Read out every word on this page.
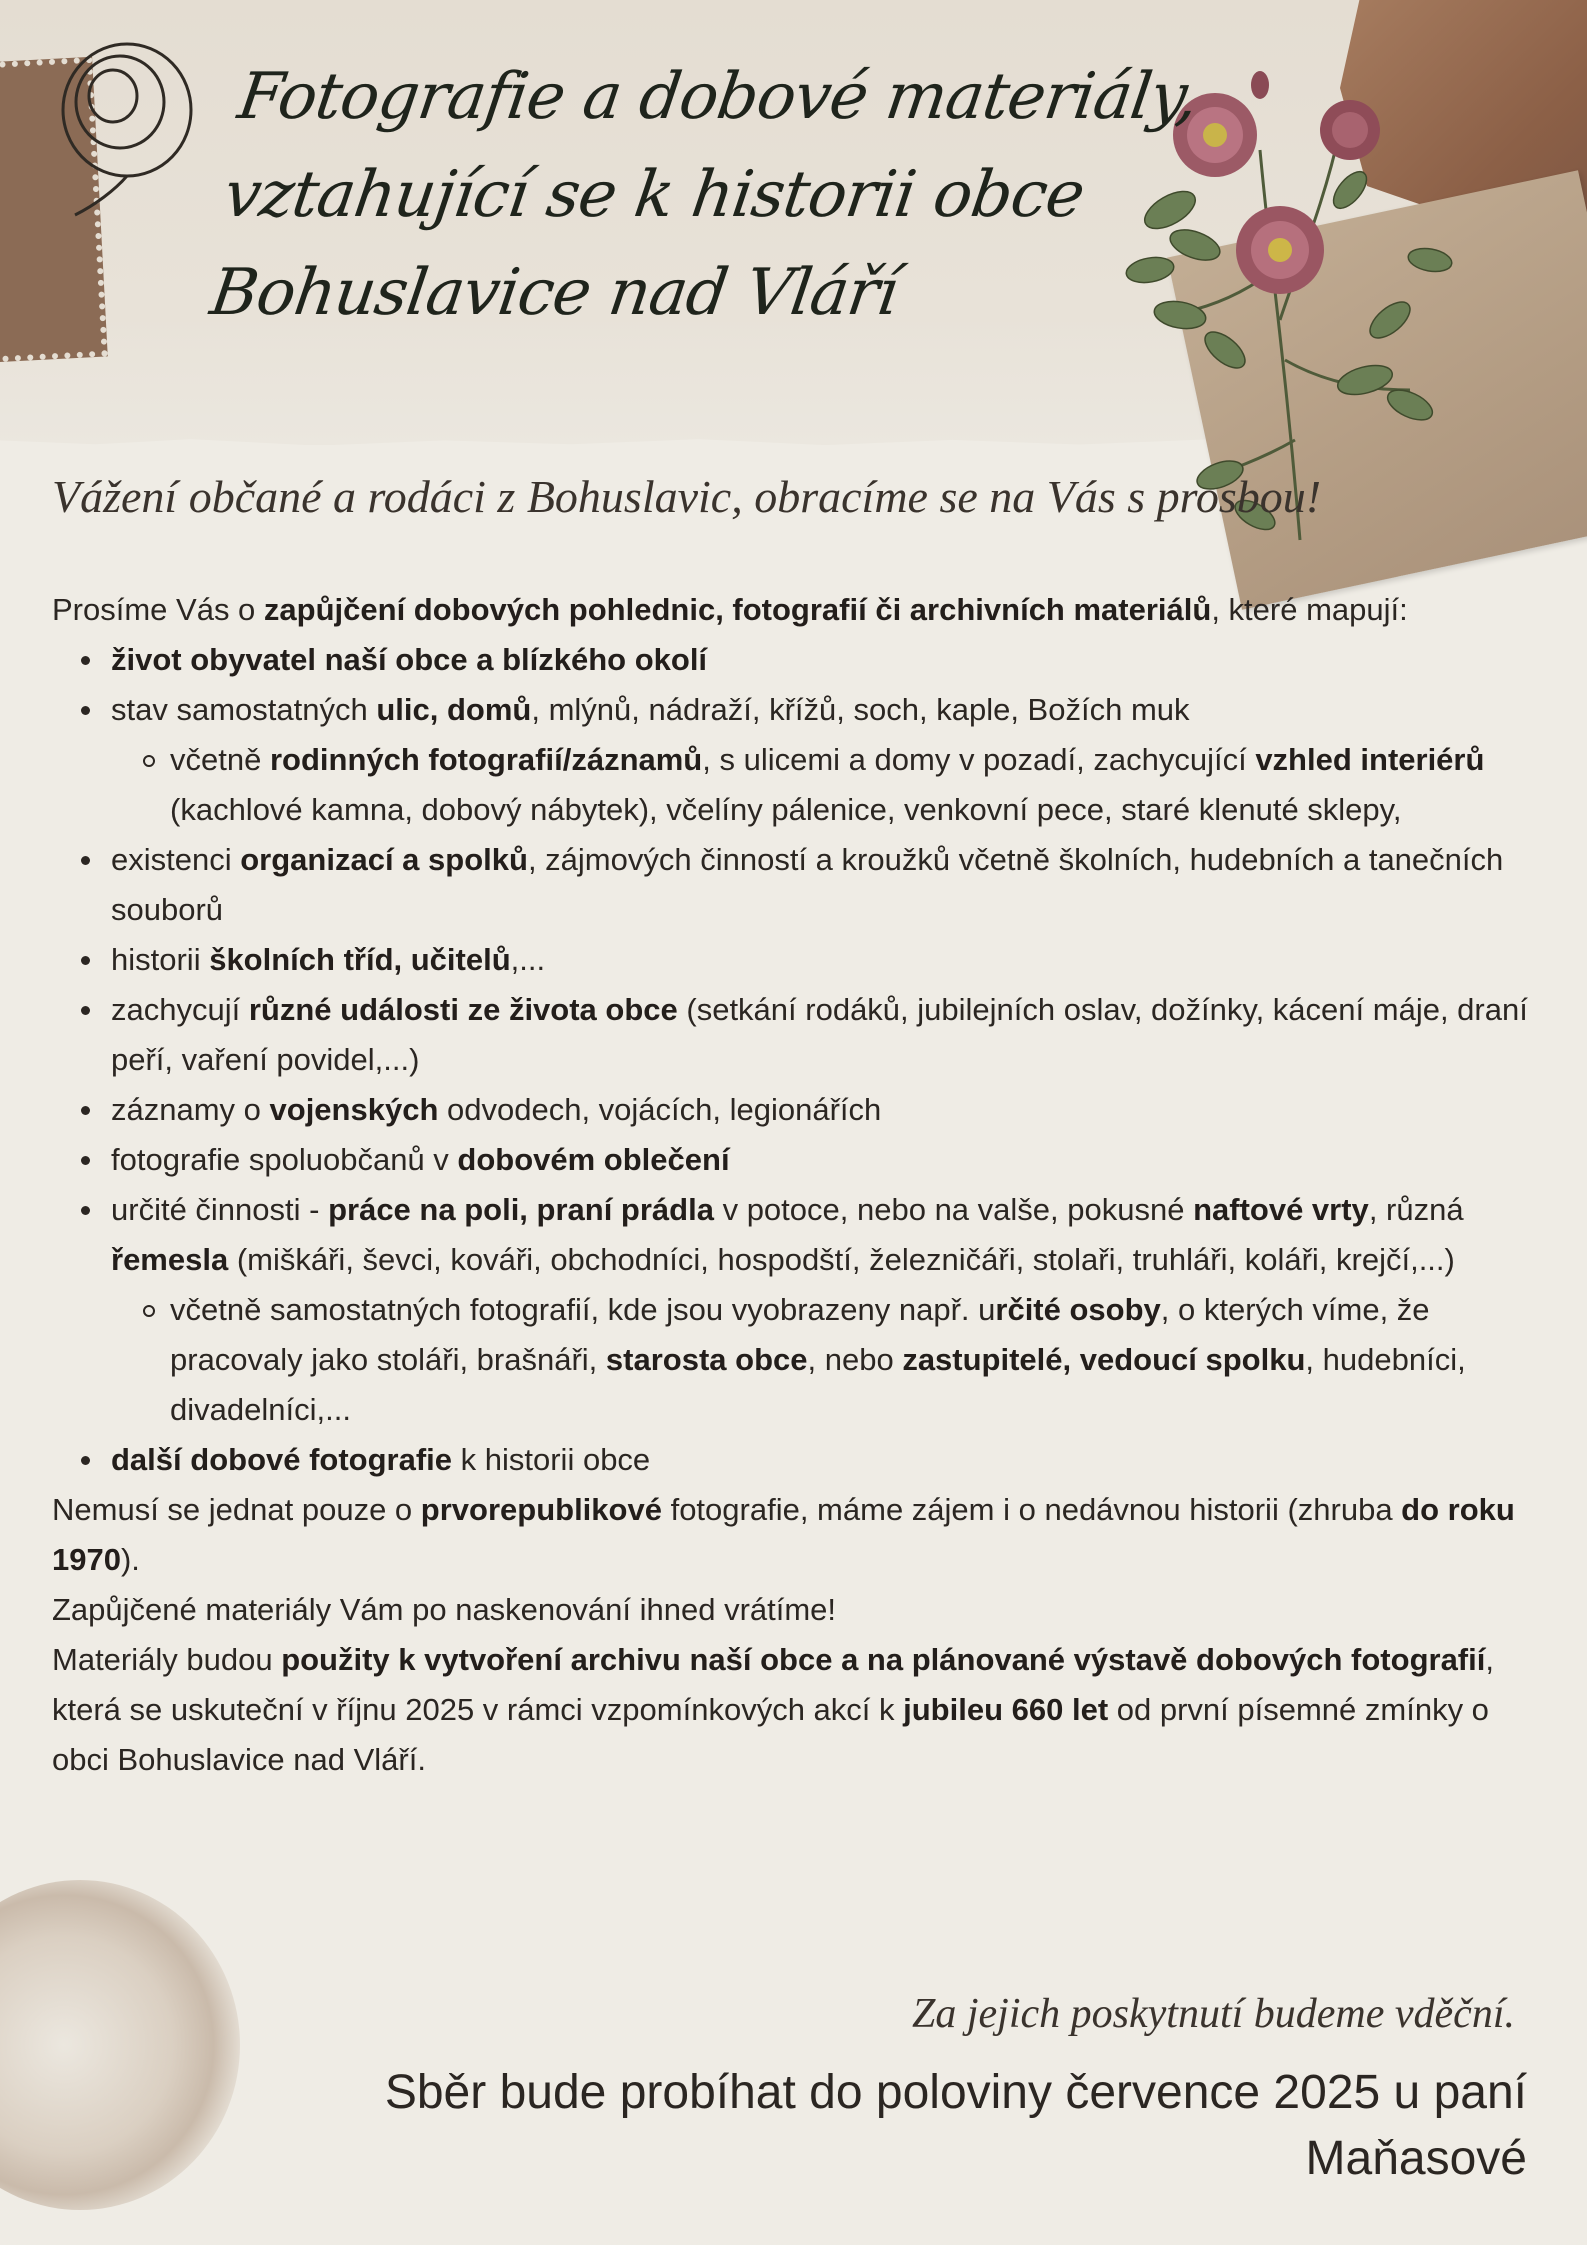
Fotografie a dobové materiály,
vztahující se k historii obce
Bohuslavice nad Vláří
Vážení občané a rodáci z Bohuslavic, obracíme se na Vás s prosbou!

Prosíme Vás o zapůjčení dobových pohlednic, fotografií či archivních materiálů, které mapují:

život obyvatel naší obce a blízkého okolí
stav samostatných ulic, domů, mlýnů, nádraží, křížů, soch, kaple, Božích muk
včetně rodinných fotografií/záznamů, s ulicemi a domy v pozadí, zachycující vzhled interiérů (kachlové kamna, dobový nábytek), včelíny pálenice, venkovní pece, staré klenuté sklepy,
existenci organizací a spolků, zájmových činností a kroužků včetně školních, hudebních a tanečních souborů
historii školních tříd, učitelů,...
zachycují různé události ze života obce (setkání rodáků, jubilejních oslav, dožínky, kácení máje, draní peří, vaření povidel,...)
záznamy o vojenských odvodech, vojácích, legionářích
fotografie spoluobčanů v dobovém oblečení
určité činnosti - práce na poli, praní prádla v potoce, nebo na valše, pokusné naftové vrty, různá řemesla (miškáři, ševci, kováři, obchodníci, hospodští, železničáři, stolaři, truhláři, koláři, krejčí,...)
včetně samostatných fotografií, kde jsou vyobrazeny např. určité osoby, o kterých víme, že pracovaly jako stoláři, brašnáři, starosta obce, nebo zastupitelé, vedoucí spolku, hudebníci, divadelníci,...
další dobové fotografie k historii obce

Nemusí se jednat pouze o prvorepublikové fotografie, máme zájem i o nedávnou historii (zhruba do roku 1970).

Zapůjčené materiály Vám po naskenování ihned vrátíme!

Materiály budou použity k vytvoření archivu naší obce a na plánované výstavě dobových fotografií, která se uskuteční v říjnu 2025 v rámci vzpomínkových akcí k jubileu 660 let od první písemné zmínky o obci Bohuslavice nad Vláří.

Za jejich poskytnutí budeme vděční.
Sběr bude probíhat do poloviny července 2025 u paní
Maňasové
